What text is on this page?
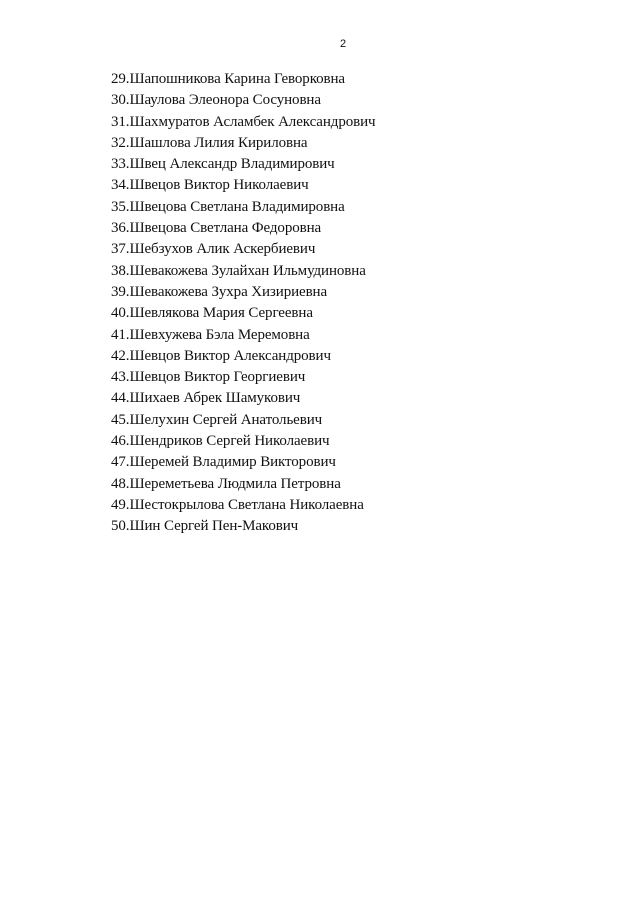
2
29.Шапошникова Карина Геворковна
30.Шаулова Элеонора Сосуновна
31.Шахмуратов Асламбек Александрович
32.Шашлова Лилия Кириловна
33.Швец Александр Владимирович
34.Швецов Виктор Николаевич
35.Швецова Светлана Владимировна
36.Швецова Светлана Федоровна
37.Шебзухов Алик Аскербиевич
38.Шевакожева Зулайхан Ильмудиновна
39.Шевакожева Зухра Хизириевна
40.Шевлякова Мария Сергеевна
41.Шевхужева Бэла Меремовна
42.Шевцов Виктор Александрович
43.Шевцов Виктор Георгиевич
44.Шихаев Абрек Шамукович
45.Шелухин Сергей Анатольевич
46.Шендриков Сергей Николаевич
47.Шеремей Владимир Викторович
48.Шереметьева Людмила Петровна
49.Шестокрылова Светлана Николаевна
50.Шин Сергей Пен-Макович
